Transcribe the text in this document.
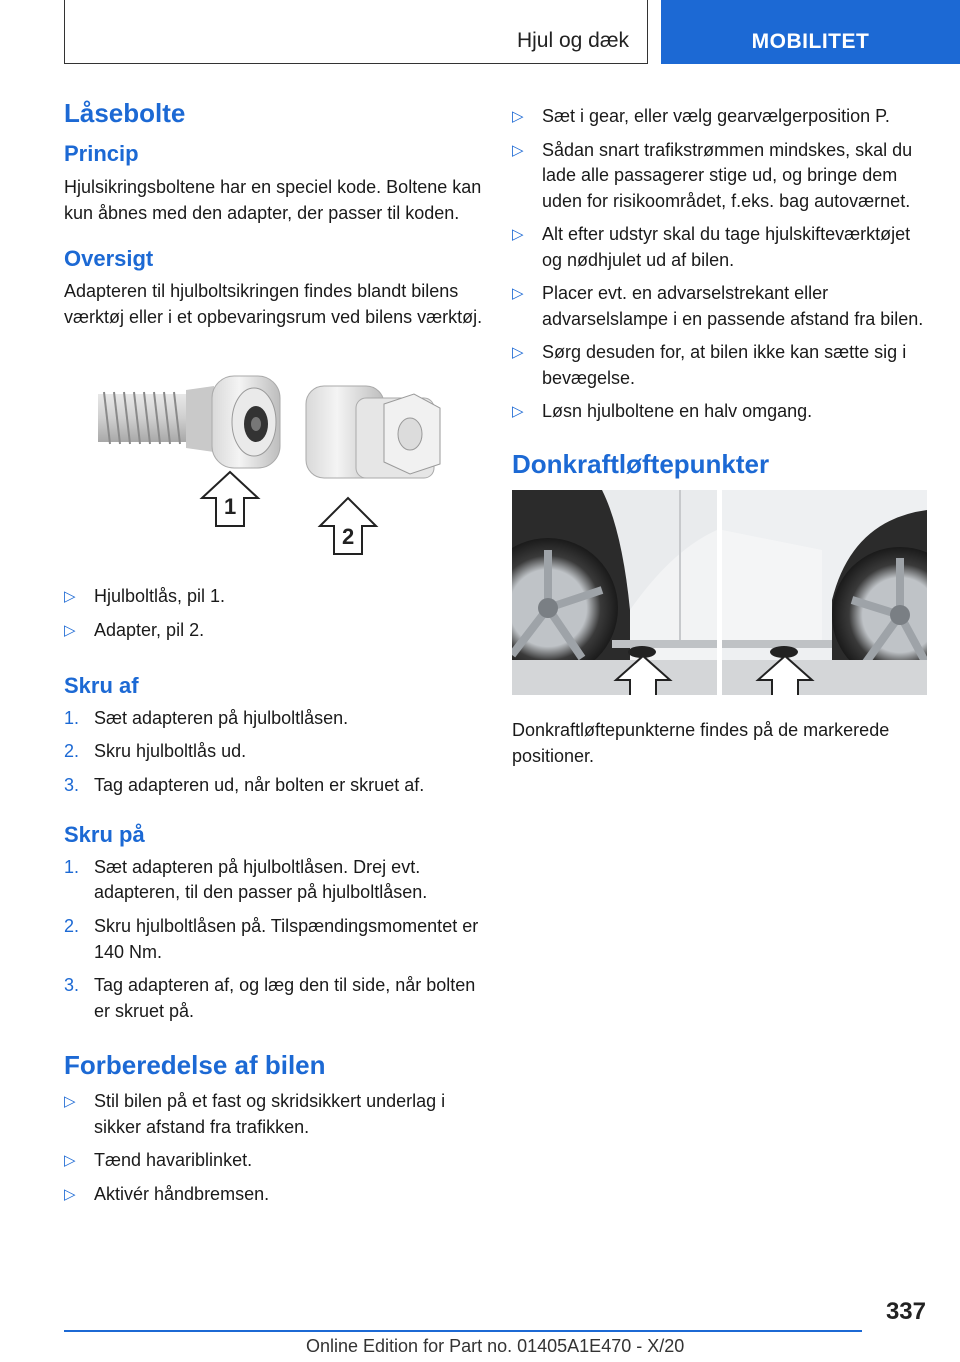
Hjul og dæk	MOBILITET
Låsebolte
Princip

Hjulsikringsboltene har en speciel kode. Boltene kan kun åbnes med den adapter, der passer til koden.

Oversigt

Adapteren til hjulboltsikringen findes blandt bilens værktøj eller i et opbevaringsrum ved bilens værktøj.

1
2
▷ Hjulboltlås, pil 1.
▷ Adapter, pil 2.
Skru af
1. Sæt adapteren på hjulboltlåsen.
2. Skru hjulboltlås ud.
3. Tag adapteren ud, når bolten er skruet af.
Skru på
1. Sæt adapteren på hjulboltlåsen. Drej evt. adapteren, til den passer på hjulboltlåsen.
2. Skru hjulboltlåsen på. Tilspændingsmomentet er 140 Nm.
3. Tag adapteren af, og læg den til side, når bolten er skruet på.
Forberedelse af bilen
▷ Stil bilen på et fast og skridsikkert underlag i sikker afstand fra trafikken.
▷ Tænd havariblinket.
▷ Aktivér håndbremsen.
▷ Sæt i gear, eller vælg gearvælgerposition P.
▷ Sådan snart trafikstrømmen mindskes, skal du lade alle passagerer stige ud, og bringe dem uden for risikoområdet, f.eks. bag autoværnet.
▷ Alt efter udstyr skal du tage hjulskifteværktøjet og nødhjulet ud af bilen.
▷ Placer evt. en advarselstrekant eller advarselslampe i en passende afstand fra bilen.
▷ Sørg desuden for, at bilen ikke kan sætte sig i bevægelse.
▷ Løsn hjulboltene en halv omgang.
Donkraftløftepunkter

Donkraftløftepunkterne findes på de markerede positioner.

337
Online Edition for Part no. 01405A1E470 - X/20
